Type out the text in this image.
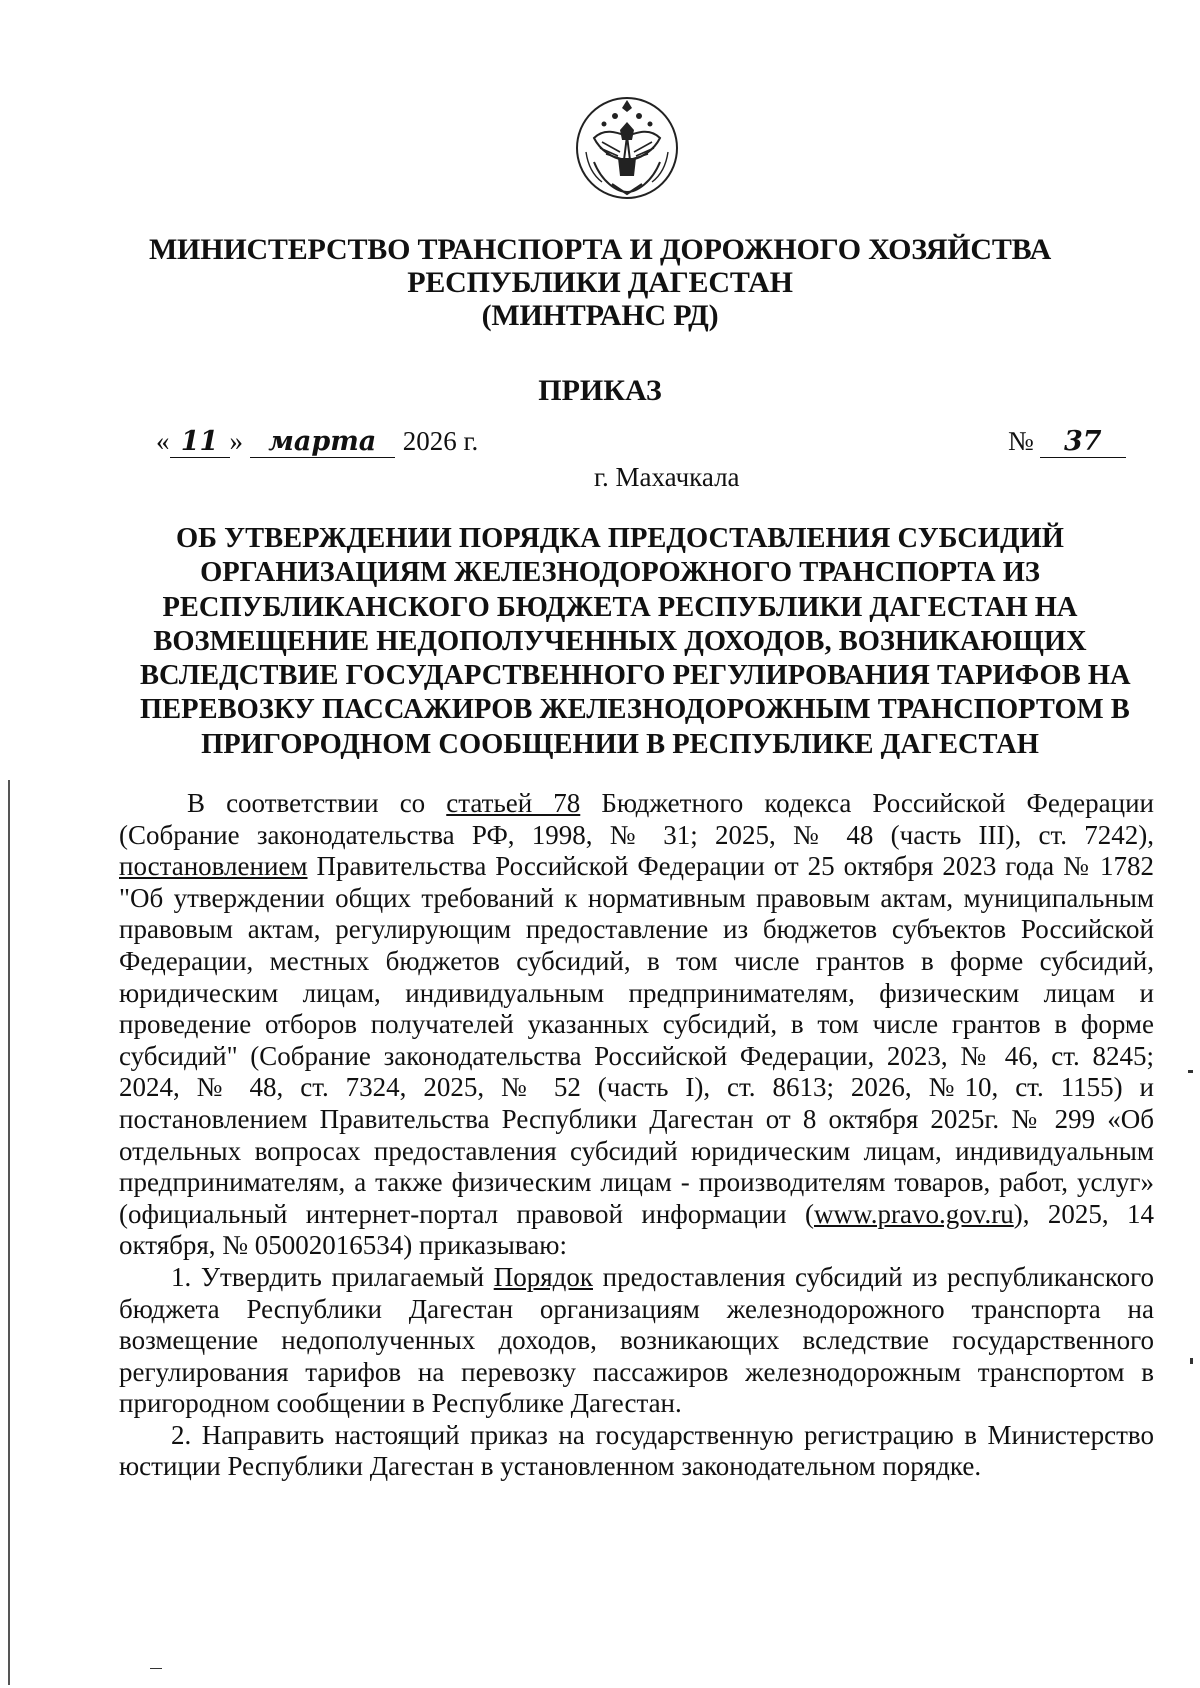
МИНИСТЕРСТВО ТРАНСПОРТА И ДОРОЖНОГО ХОЗЯЙСТВА
РЕСПУБЛИКИ ДАГЕСТАН
(МИНТРАНС РД)
ПРИКАЗ
« 11 » марта 2026 г.	№ 37
г. Махачкала
ОБ УТВЕРЖДЕНИИ ПОРЯДКА ПРЕДОСТАВЛЕНИЯ СУБСИДИЙ
ОРГАНИЗАЦИЯМ ЖЕЛЕЗНОДОРОЖНОГО ТРАНСПОРТА ИЗ
РЕСПУБЛИКАНСКОГО БЮДЖЕТА РЕСПУБЛИКИ ДАГЕСТАН НА
ВОЗМЕЩЕНИЕ НЕДОПОЛУЧЕННЫХ ДОХОДОВ, ВОЗНИКАЮЩИХ
ВСЛЕДСТВИЕ ГОСУДАРСТВЕННОГО РЕГУЛИРОВАНИЯ ТАРИФОВ НА
ПЕРЕВОЗКУ ПАССАЖИРОВ ЖЕЛЕЗНОДОРОЖНЫМ ТРАНСПОРТОМ В
ПРИГОРОДНОМ СООБЩЕНИИ В РЕСПУБЛИКЕ ДАГЕСТАН

В соответствии со статьей 78 Бюджетного кодекса Российской Федерации (Собрание законодательства РФ, 1998, № 31; 2025, № 48 (часть III), ст. 7242), постановлением Правительства Российской Федерации от 25 октября 2023 года № 1782 "Об утверждении общих требований к нормативным правовым актам, муниципальным правовым актам, регулирующим предоставление из бюджетов субъектов Российской Федерации, местных бюджетов субсидий, в том числе грантов в форме субсидий, юридическим лицам, индивидуальным предпринимателям, физическим лицам и проведение отборов получателей указанных субсидий, в том числе грантов в форме субсидий" (Собрание законодательства Российской Федерации, 2023, № 46, ст. 8245; 2024, № 48, ст. 7324, 2025, № 52 (часть I), ст. 8613; 2026, №10, ст. 1155) и постановлением Правительства Республики Дагестан от 8 октября 2025г. № 299 «Об отдельных вопросах предоставления субсидий юридическим лицам, индивидуальным предпринимателям, а также физическим лицам - производителям товаров, работ, услуг» (официальный интернет-портал правовой информации (www.pravo.gov.ru), 2025, 14 октября, № 05002016534) приказываю:

1. Утвердить прилагаемый Порядок предоставления субсидий из республиканского бюджета Республики Дагестан организациям железнодорожного транспорта на возмещение недополученных доходов, возникающих вследствие государственного регулирования тарифов на перевозку пассажиров железнодорожным транспортом в пригородном сообщении в Республике Дагестан.

2. Направить настоящий приказ на государственную регистрацию в Министерство юстиции Республики Дагестан в установленном законодательном порядке.
